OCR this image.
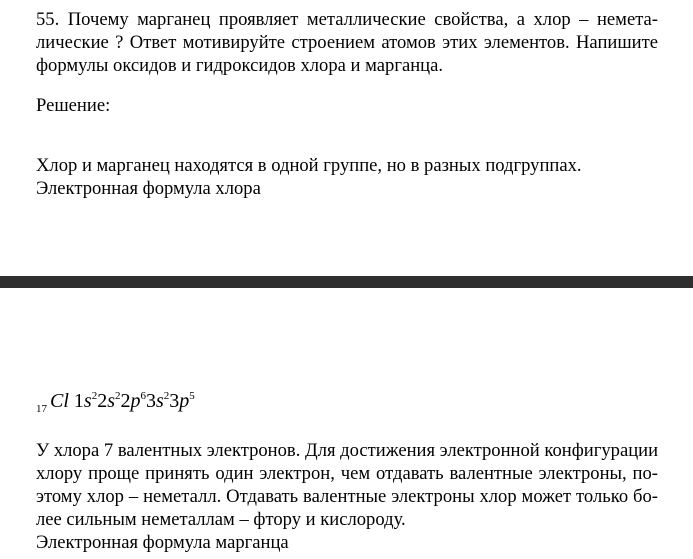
55. Почему марганец проявляет металлические свойства, а хлор – немета-
лические ? Ответ мотивируйте строением атомов этих элементов. Напишите
формулы оксидов и гидроксидов хлора и марганца.
Решение:
Хлор и марганец находятся в одной группе, но в разных подгруппах.
Электронная формула хлора
$_{17}$ Cl $1s^22s^22p^63s^23p^5$
У хлора 7 валентных электронов. Для достижения электронной конфигурации
хлору проще принять один электрон, чем отдавать валентные электроны, по-
этому хлор – неметалл. Отдавать валентные электроны хлор может только бо-
лее сильным неметаллам – фтору и кислороду.
Электронная формула марганца
